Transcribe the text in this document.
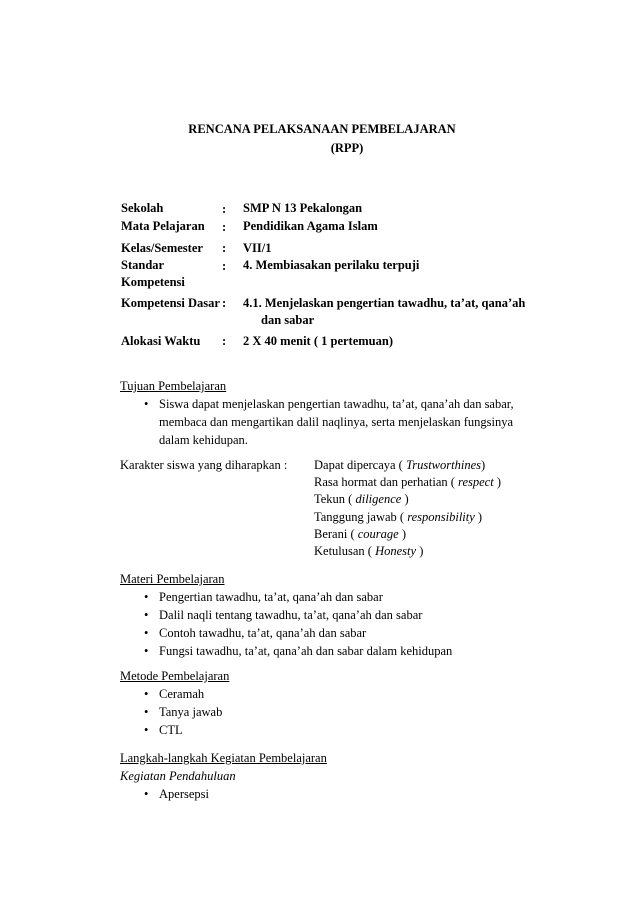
RENCANA PELAKSANAAN PEMBELAJARAN
(RPP)
Sekolah	:	SMP N 13 Pekalongan
Mata Pelajaran	:	Pendidikan Agama Islam
Kelas/Semester	:	VII/1
Standar Kompetensi	:	4. Membiasakan perilaku terpuji
Kompetensi Dasar	:	4.1. Menjelaskan pengertian tawadhu, ta’at, qana’ah
dan sabar

Alokasi Waktu	:	2 X 40 menit ( 1 pertemuan)
Tujuan Pembelajaran
• Siswa dapat menjelaskan pengertian tawadhu, ta’at, qana’ah dan sabar, membaca dan mengartikan dalil naqlinya, serta menjelaskan fungsinya dalam kehidupan.
Karakter siswa yang diharapkan : Dapat dipercaya ( Trustworthines)
Rasa hormat dan perhatian ( respect )
Tekun ( diligence )
Tanggung jawab ( responsibility )
Berani ( courage )
Ketulusan ( Honesty )
Materi Pembelajaran
• Pengertian tawadhu, ta’at, qana’ah dan sabar
• Dalil naqli tentang tawadhu, ta’at, qana’ah dan sabar
• Contoh tawadhu, ta’at, qana’ah dan sabar
• Fungsi tawadhu, ta’at, qana’ah dan sabar dalam kehidupan
Metode Pembelajaran
• Ceramah
• Tanya jawab
• CTL
Langkah-langkah Kegiatan Pembelajaran
Kegiatan Pendahuluan
• Apersepsi
